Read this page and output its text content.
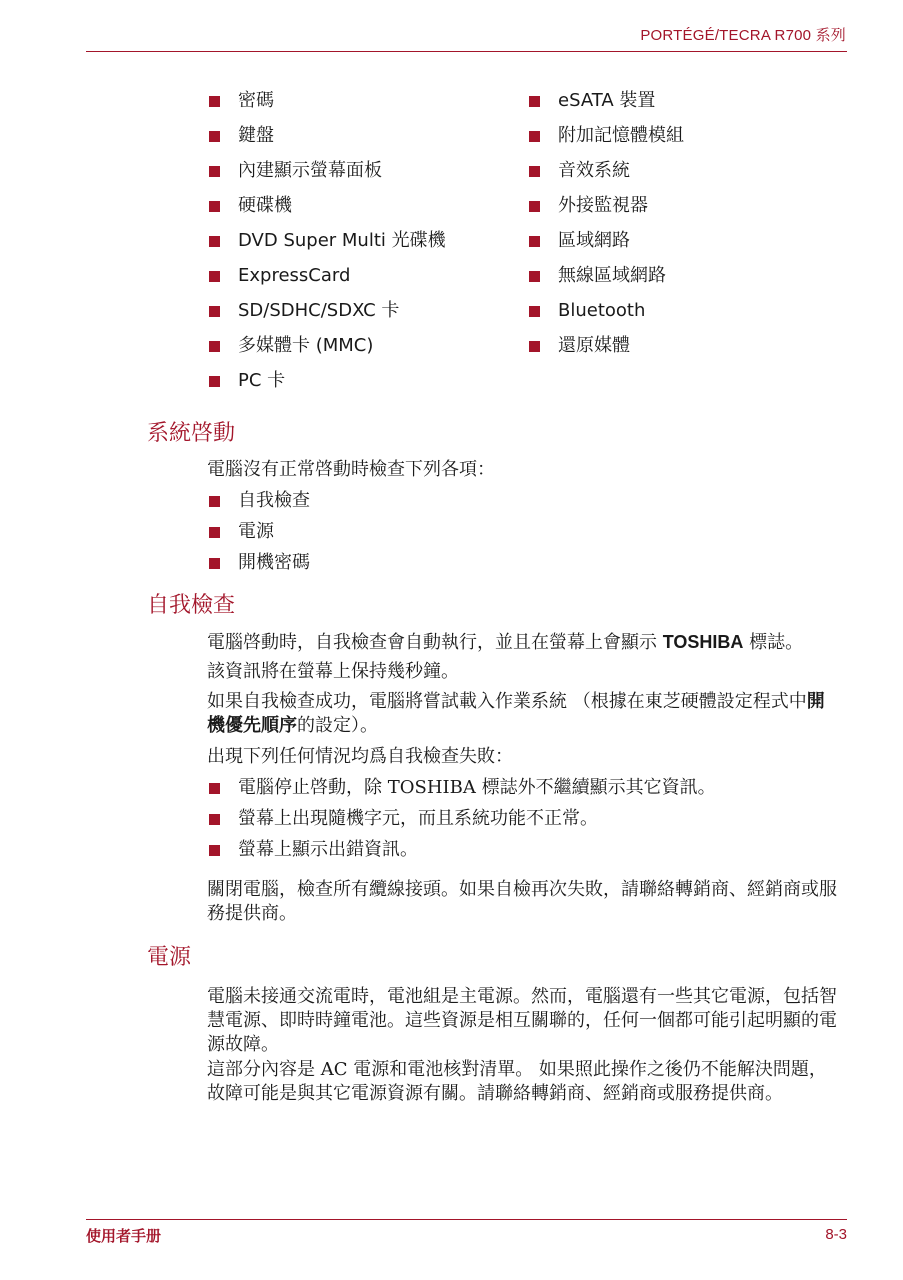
PORTÉGÉ/TECRA R700 系列
密碼
鍵盤
內建顯示螢幕面板
硬碟機
DVD Super Multi 光碟機
ExpressCard
SD/SDHC/SDXC 卡
多媒體卡 (MMC)
PC 卡
eSATA 裝置
附加記憶體模組
音效系統
外接監視器
區域網路
無線區域網路
Bluetooth
還原媒體
系統啓動

電腦沒有正常啓動時檢查下列各項：

自我檢查
電源
開機密碼
自我檢查

電腦啓動時，自我檢查會自動執行，並且在螢幕上會顯示 TOSHIBA 標誌。

該資訊將在螢幕上保持幾秒鐘。

如果自我檢查成功，電腦將嘗試載入作業系統 （根據在東芝硬體設定程式中開機優先順序的設定）。

出現下列任何情況均爲自我檢查失敗：

電腦停止啓動，除 TOSHIBA 標誌外不繼續顯示其它資訊。
螢幕上出現隨機字元，而且系統功能不正常。
螢幕上顯示出錯資訊。

關閉電腦，檢查所有纜線接頭。如果自檢再次失敗，請聯絡轉銷商、經銷商或服務提供商。

電源

電腦未接通交流電時，電池組是主電源。然而，電腦還有一些其它電源，包括智慧電源、即時時鐘電池。這些資源是相互關聯的，任何一個都可能引起明顯的電源故障。

這部分內容是 AC 電源和電池核對清單。 如果照此操作之後仍不能解決問題，故障可能是與其它電源資源有關。請聯絡轉銷商、經銷商或服務提供商。

使用者手册	8-3
